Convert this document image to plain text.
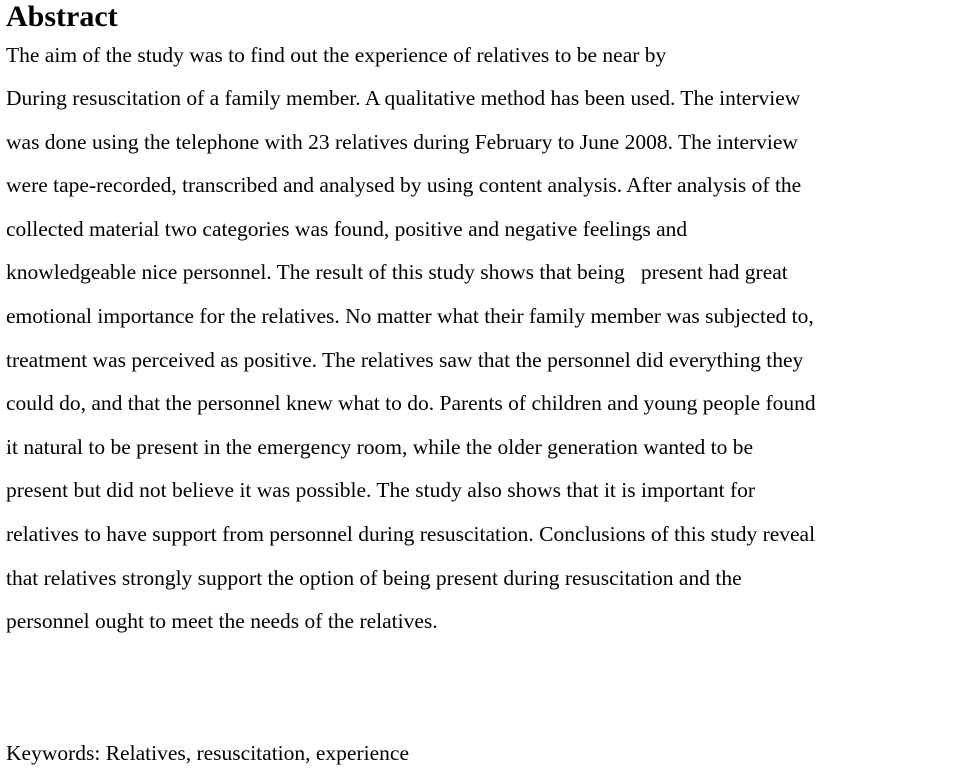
Abstract
The aim of the study was to find out the experience of relatives to be near by
During resuscitation of a family member. A qualitative method has been used. The interview
was done using the telephone with 23 relatives during February to June 2008. The interview
were tape-recorded, transcribed and analysed by using content analysis. After analysis of the
collected material two categories was found, positive and negative feelings and
knowledgeable nice personnel. The result of this study shows that being   present had great
emotional importance for the relatives. No matter what their family member was subjected to,
treatment was perceived as positive. The relatives saw that the personnel did everything they
could do, and that the personnel knew what to do. Parents of children and young people found
it natural to be present in the emergency room, while the older generation wanted to be
present but did not believe it was possible. The study also shows that it is important for
relatives to have support from personnel during resuscitation. Conclusions of this study reveal
that relatives strongly support the option of being present during resuscitation and the
personnel ought to meet the needs of the relatives.

Keywords: Relatives, resuscitation, experience
